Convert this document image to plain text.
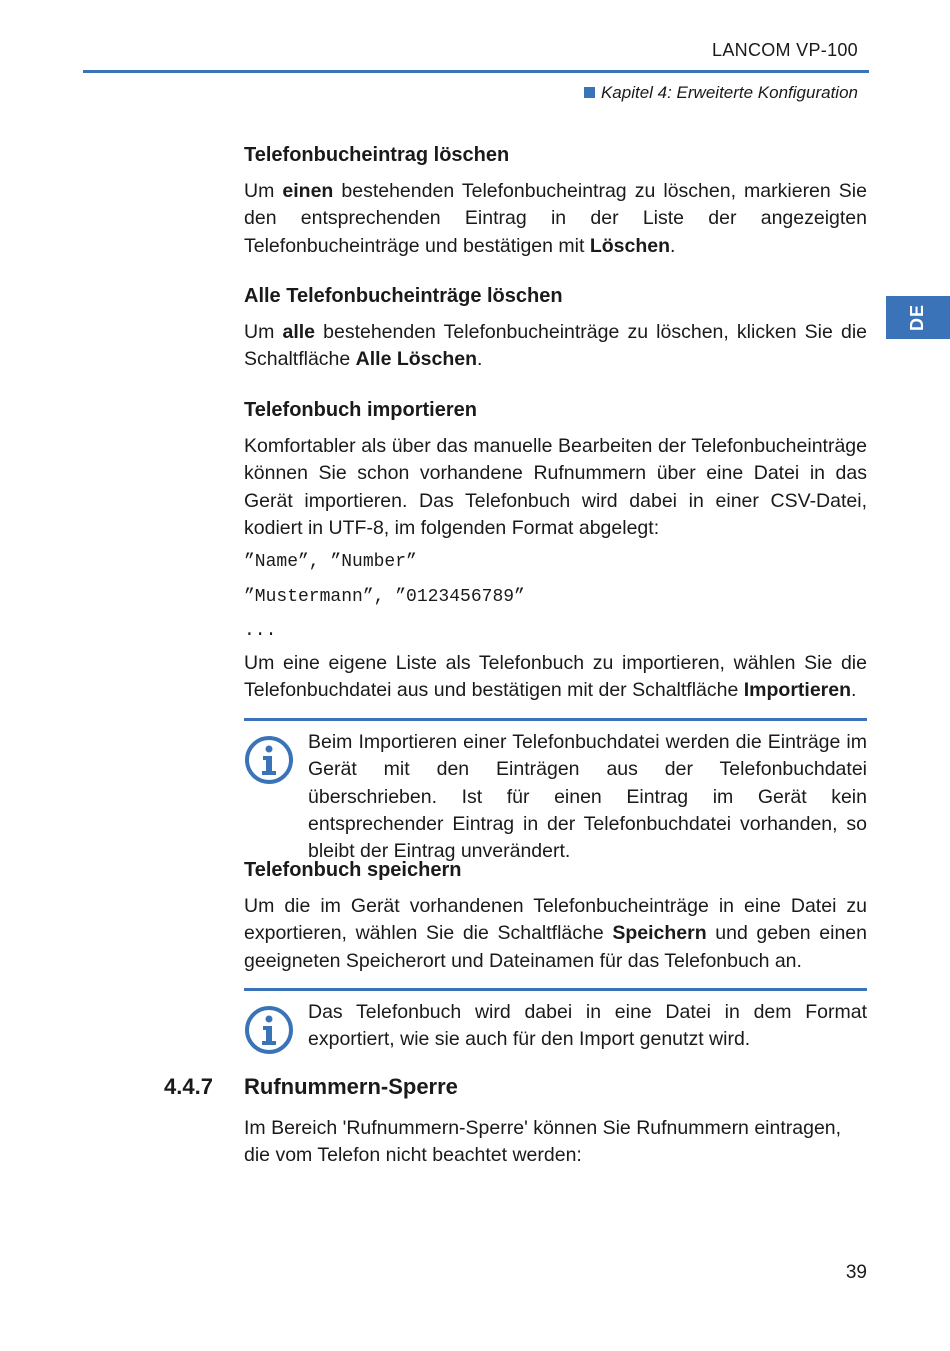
LANCOM VP-100
Kapitel 4: Erweiterte Konfiguration
DE

Telefonbucheintrag löschen

Um einen bestehenden Telefonbucheintrag zu löschen, markieren Sie den entsprechenden Eintrag in der Liste der angezeigten Telefonbucheinträge und bestätigen mit Löschen.

Alle Telefonbucheinträge löschen

Um alle bestehenden Telefonbucheinträge zu löschen, klicken Sie die Schaltfläche Alle Löschen.

Telefonbuch importieren

Komfortabler als über das manuelle Bearbeiten der Telefonbucheinträge können Sie schon vorhandene Rufnummern über eine Datei in das Gerät importieren. Das Telefonbuch wird dabei in einer CSV-Datei, kodiert in UTF-8, im folgenden Format abgelegt:

”Name”, ”Number”
”Mustermann”, ”0123456789”
...

Um eine eigene Liste als Telefonbuch zu importieren, wählen Sie die Telefonbuchdatei aus und bestätigen mit der Schaltfläche Importieren.

Beim Importieren einer Telefonbuchdatei werden die Einträge im Gerät mit den Einträgen aus der Telefonbuchdatei überschrieben. Ist für einen Eintrag im Gerät kein entsprechender Eintrag in der Telefonbuchdatei vorhanden, so bleibt der Eintrag unverändert.

Telefonbuch speichern

Um die im Gerät vorhandenen Telefonbucheinträge in eine Datei zu exportieren, wählen Sie die Schaltfläche Speichern und geben einen geeigneten Speicherort und Dateinamen für das Telefonbuch an.

Das Telefonbuch wird dabei in eine Datei in dem Format exportiert, wie sie auch für den Import genutzt wird.

4.4.7 Rufnummern-Sperre

Im Bereich 'Rufnummern-Sperre' können Sie Rufnummern eintragen, die vom Telefon nicht beachtet werden:

39
